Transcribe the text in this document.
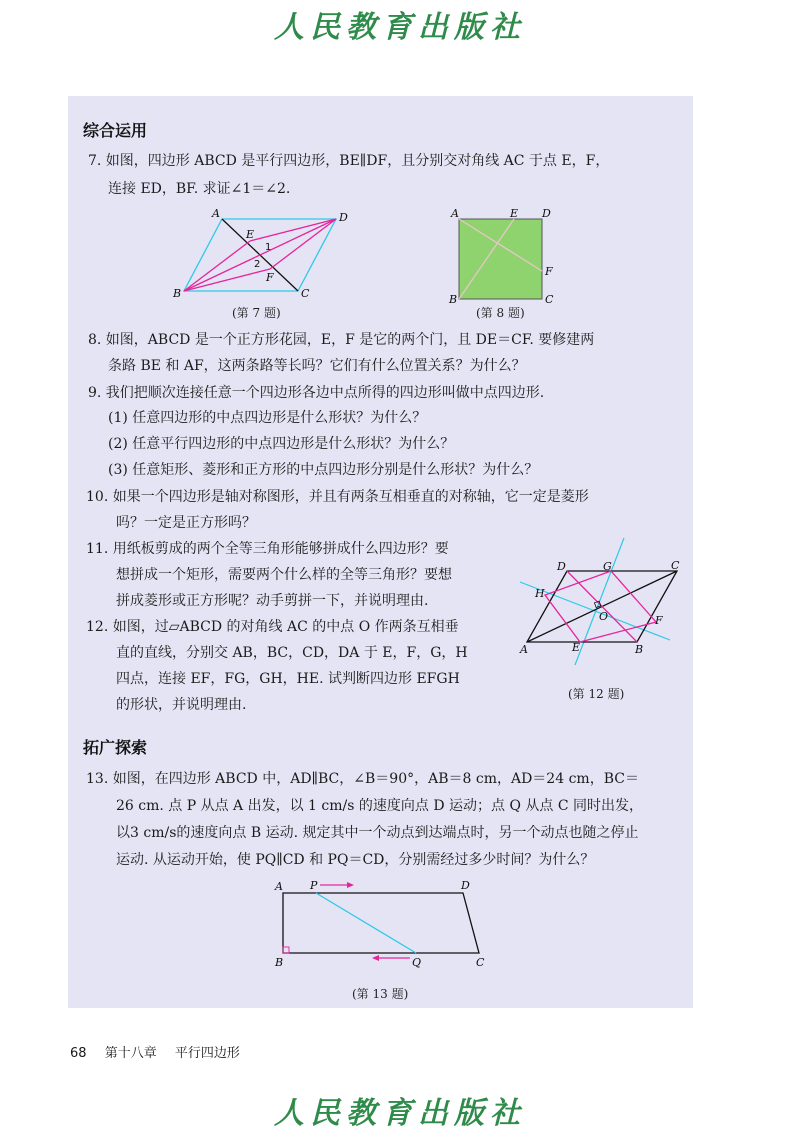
人民教育出版社
综合运用
7. 如图，四边形 ABCD 是平行四边形，BE∥DF，且分别交对角线 AC 于点 E，F，
连接 ED，BF. 求证∠1＝∠2.
A	D
B	C
E
F
1
2
(第 7 题)
A	E D
F
B	C
(第 8 题)
8. 如图，ABCD 是一个正方形花园，E，F 是它的两个门，且 DE＝CF. 要修建两
条路 BE 和 AF，这两条路等长吗？它们有什么位置关系？为什么？
9. 我们把顺次连接任意一个四边形各边中点所得的四边形叫做中点四边形.
(1) 任意四边形的中点四边形是什么形状？为什么？
(2) 任意平行四边形的中点四边形是什么形状？为什么？
(3) 任意矩形、菱形和正方形的中点四边形分别是什么形状？为什么？
10. 如果一个四边形是轴对称图形，并且有两条互相垂直的对称轴，它一定是菱形
吗？一定是正方形吗？
11. 用纸板剪成的两个全等三角形能够拼成什么四边形？要
想拼成一个矩形，需要两个什么样的全等三角形？要想
拼成菱形或正方形呢？动手剪拼一下，并说明理由.
12. 如图，过▱ABCD 的对角线 AC 的中点 O 作两条互相垂
直的直线，分别交 AB，BC，CD，DA 于 E，F，G，H
四点，连接 EF，FG，GH，HE. 试判断四边形 EFGH
的形状，并说明理由.
D	G	C
H
O	F
A	E	B
(第 12 题)
拓广探索
13. 如图，在四边形 ABCD 中，AD∥BC，∠B＝90°，AB＝8 cm，AD＝24 cm，BC＝
26 cm. 点 P 从点 A 出发，以 1 cm/s 的速度向点 D 运动；点 Q 从点 C 同时出发，
以3 cm/s的速度向点 B 运动. 规定其中一个动点到达端点时，另一个动点也随之停止
运动. 从运动开始，使 PQ∥CD 和 PQ＝CD，分别需经过多少时间？为什么？
A P	D
B	Q	C
(第 13 题)
68 第十八章 平行四边形
人民教育出版社
